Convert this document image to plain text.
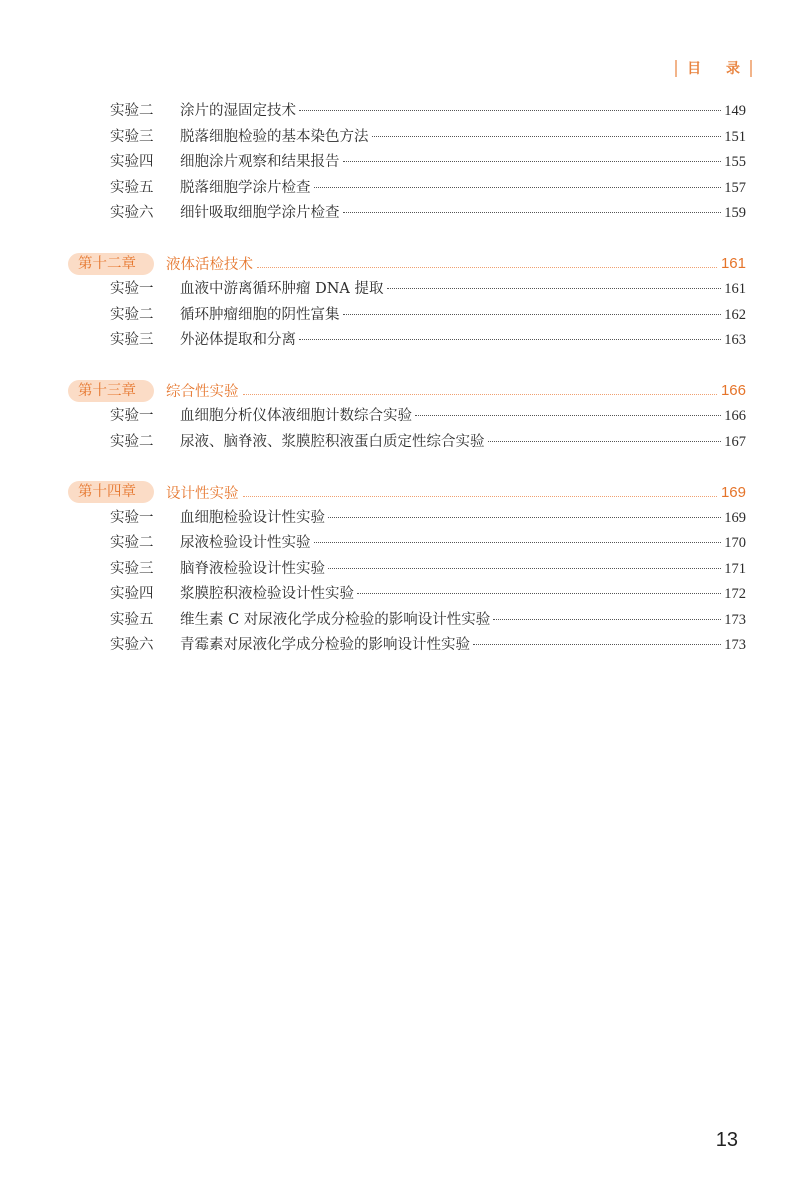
目 录
实验二 涂片的湿固定技术	149
实验三 脱落细胞检验的基本染色方法	151
实验四 细胞涂片观察和结果报告	155
实验五 脱落细胞学涂片检查	157
实验六 细针吸取细胞学涂片检查	159
第十二章	液体活检技术	161
实验一 血液中游离循环肿瘤 DNA 提取	161
实验二 循环肿瘤细胞的阴性富集	162
实验三 外泌体提取和分离	163
第十三章	综合性实验	166
实验一 血细胞分析仪体液细胞计数综合实验	166
实验二 尿液、脑脊液、浆膜腔积液蛋白质定性综合实验	167
第十四章	设计性实验	169
实验一 血细胞检验设计性实验	169
实验二 尿液检验设计性实验	170
实验三 脑脊液检验设计性实验	171
实验四 浆膜腔积液检验设计性实验	172
实验五 维生素 C 对尿液化学成分检验的影响设计性实验	173
实验六 青霉素对尿液化学成分检验的影响设计性实验	173
13
